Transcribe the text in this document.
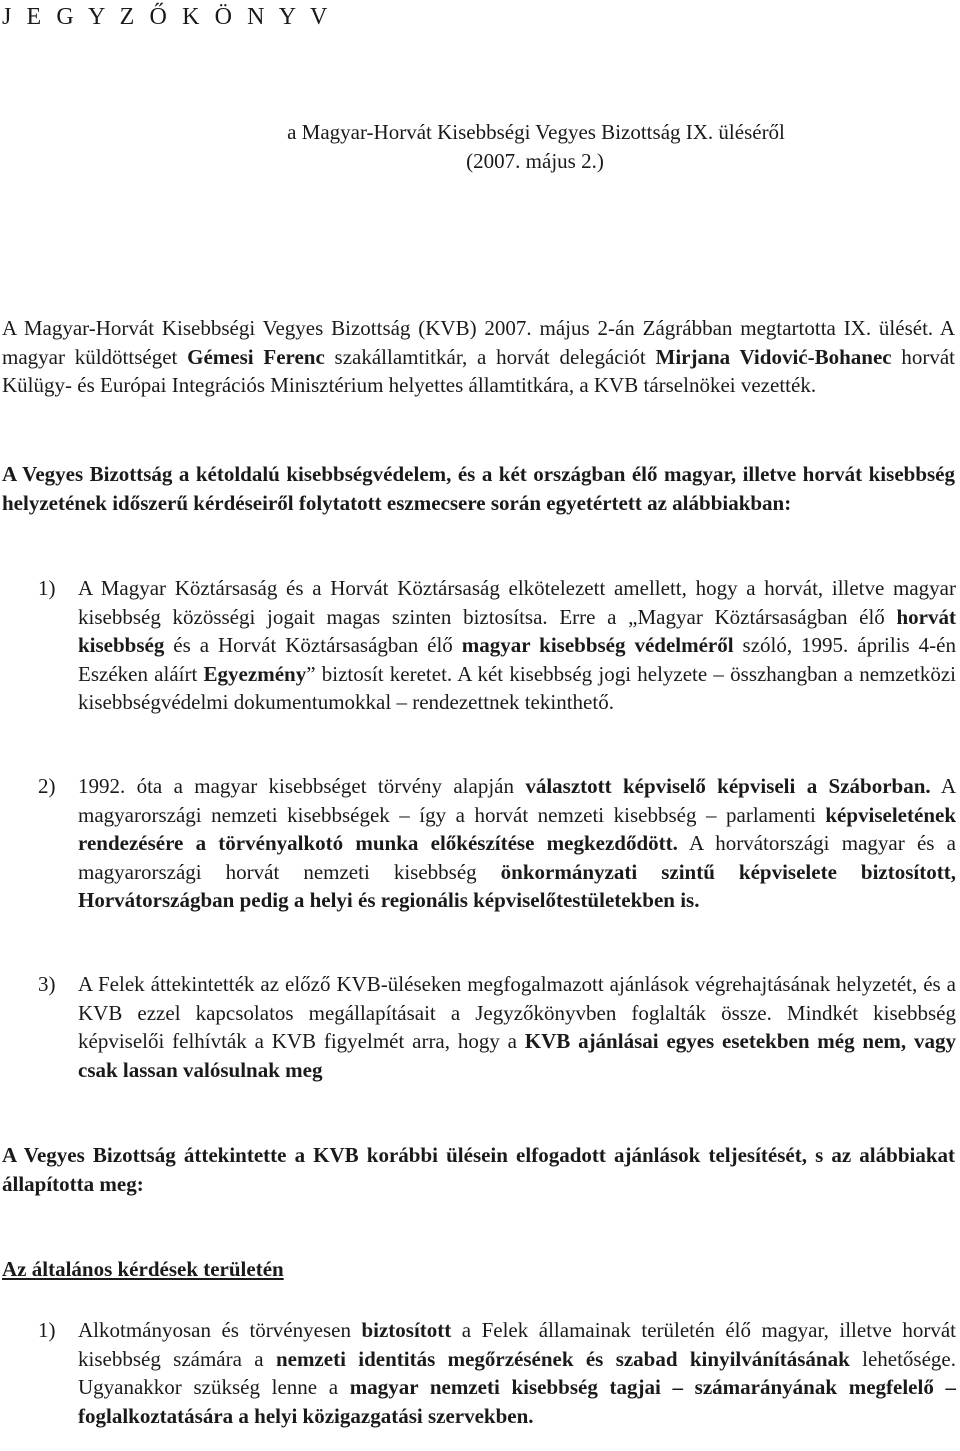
J E G Y Z Ő K Ö N Y V
a Magyar-Horvát Kisebbségi Vegyes Bizottság IX. üléséről
(2007. május 2.)

A Magyar-Horvát Kisebbségi Vegyes Bizottság (KVB) 2007. május 2-án Zágrábban megtartotta IX. ülését. A magyar küldöttséget Gémesi Ferenc szakállamtitkár, a horvát delegációt Mirjana Vidović-Bohanec horvát Külügy- és Európai Integrációs Minisztérium helyettes államtitkára, a KVB társelnökei vezették.

A Vegyes Bizottság a kétoldalú kisebbségvédelem, és a két országban élő magyar, illetve horvát kisebbség helyzetének időszerű kérdéseiről folytatott eszmecsere során egyetértett az alábbiakban:

1) A Magyar Köztársaság és a Horvát Köztársaság elkötelezett amellett, hogy a horvát, illetve magyar kisebbség közösségi jogait magas szinten biztosítsa. Erre a „Magyar Köztársaságban élő horvát kisebbség és a Horvát Köztársaságban élő magyar kisebbség védelméről szóló, 1995. április 4-én Eszéken aláírt Egyezmény” biztosít keretet. A két kisebbség jogi helyzete – összhangban a nemzetközi kisebbségvédelmi dokumentumokkal – rendezettnek tekinthető.
2) 1992. óta a magyar kisebbséget törvény alapján választott képviselő képviseli a Száborban. A magyarországi nemzeti kisebbségek – így a horvát nemzeti kisebbség – parlamenti képviseletének rendezésére a törvényalkotó munka előkészítése megkezdődött. A horvátországi magyar és a magyarországi horvát nemzeti kisebbség önkormányzati szintű képviselete biztosított, Horvátországban pedig a helyi és regionális képviselőtestületekben is.
3) A Felek áttekintették az előző KVB-üléseken megfogalmazott ajánlások végrehajtásának helyzetét, és a KVB ezzel kapcsolatos megállapításait a Jegyzőkönyvben foglalták össze. Mindkét kisebbség képviselői felhívták a KVB figyelmét arra, hogy a KVB ajánlásai egyes esetekben még nem, vagy csak lassan valósulnak meg

A Vegyes Bizottság áttekintette a KVB korábbi ülésein elfogadott ajánlások teljesítését, s az alábbiakat állapította meg:

Az általános kérdések területén
1) Alkotmányosan és törvényesen biztosított a Felek államainak területén élő magyar, illetve horvát kisebbség számára a nemzeti identitás megőrzésének és szabad kinyilvánításának lehetősége. Ugyanakkor szükség lenne a magyar nemzeti kisebbség tagjai – számarányának megfelelő – foglalkoztatására a helyi közigazgatási szervekben.
